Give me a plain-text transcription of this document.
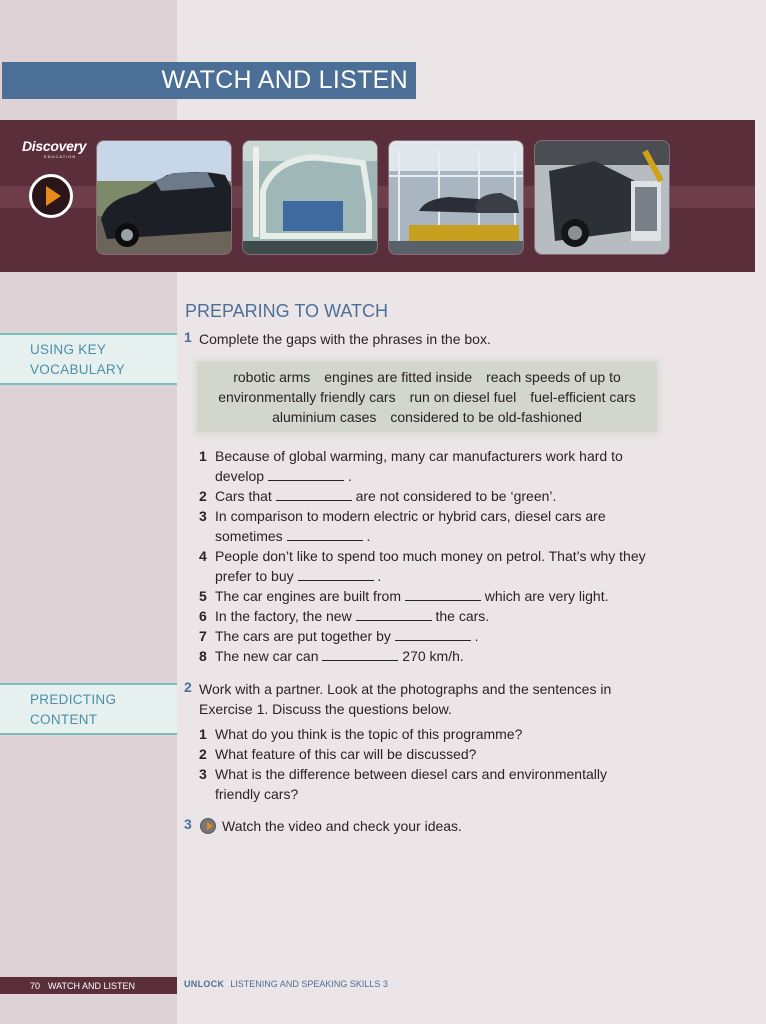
WATCH AND LISTEN
Discovery
EDUCATION
PREPARING TO WATCH
USING KEY
VOCABULARY
1 Complete the gaps with the phrases in the box.
robotic arms engines are fitted inside reach speeds of up to
environmentally friendly cars run on diesel fuel fuel-efficient cars
aluminium cases considered to be old-fashioned
1 Because of global warming, many car manufacturers work hard to
develop	.
2 Cars that	are not considered to be ‘green’.
3 In comparison to modern electric or hybrid cars, diesel cars are
sometimes	.
4 People don’t like to spend too much money on petrol. That’s why they
prefer to buy	.
5 The car engines are built from	which are very light.
6 In the factory, the new	the cars.
7 The cars are put together by	.
8 The new car can	270 km/h.
PREDICTING
CONTENT
2 Work with a partner. Look at the photographs and the sentences in
Exercise 1. Discuss the questions below.
1 What do you think is the topic of this programme?
2 What feature of this car will be discussed?
3 What is the difference between diesel cars and environmentally
friendly cars?
3	Watch the video and check your ideas.
70 WATCH AND LISTEN	UNLOCK LISTENING AND SPEAKING SKILLS 3
